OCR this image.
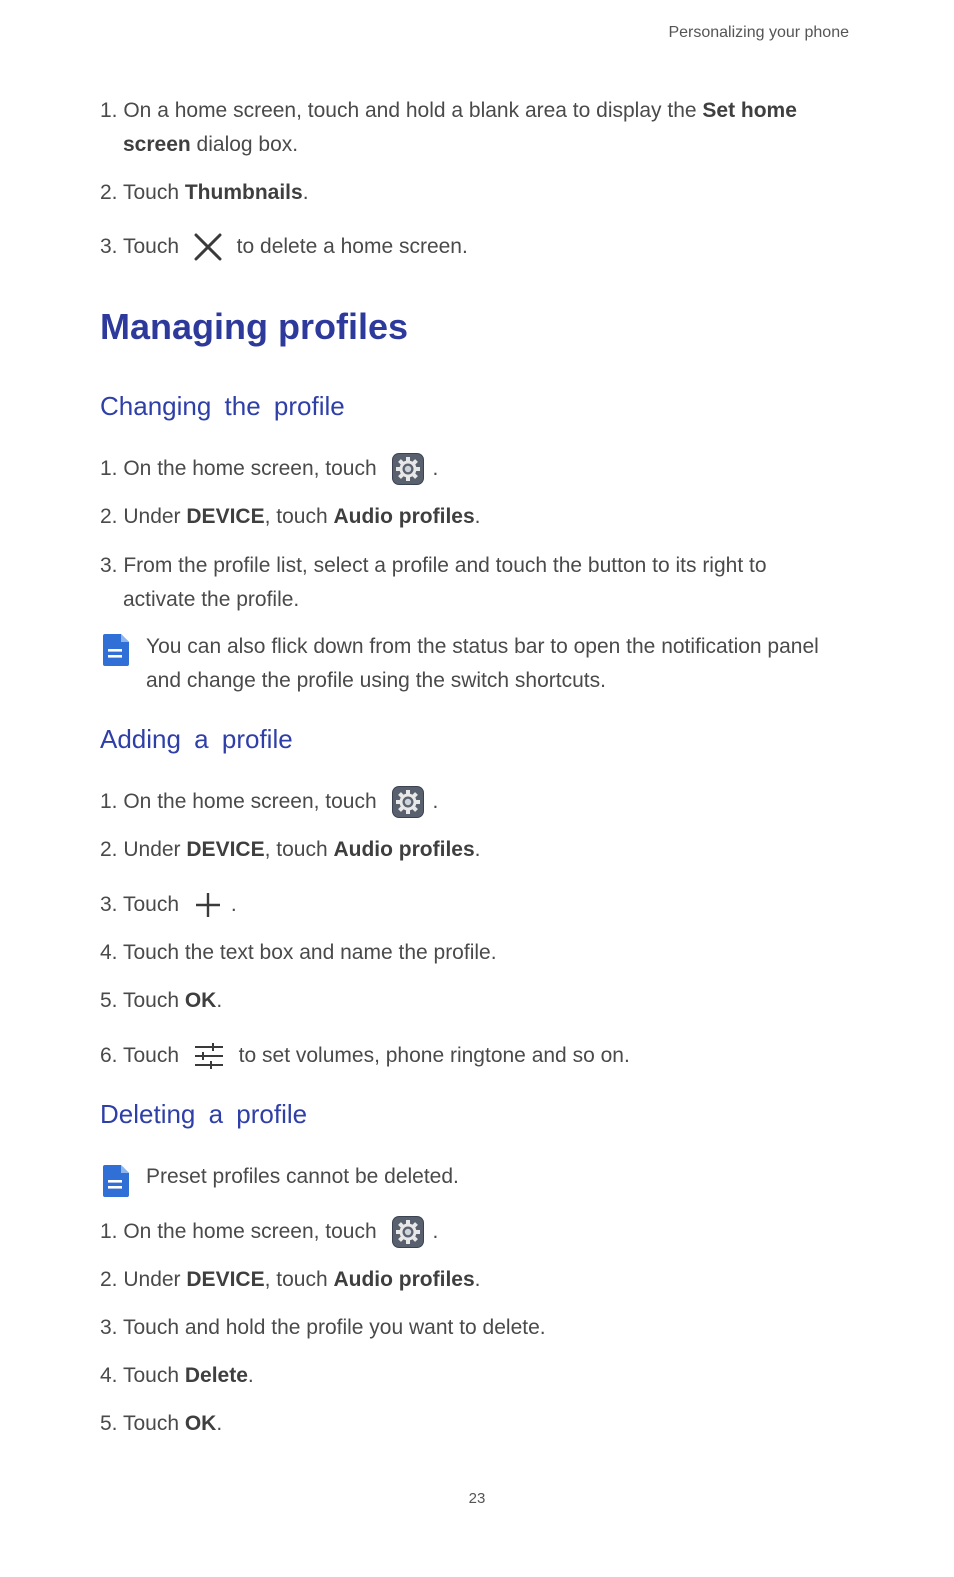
Personalizing your phone
1. On a home screen, touch and hold a blank area to display the Set home
screen dialog box.
2. Touch Thumbnails.
3. Touch  to delete a home screen.
Managing profiles
Changing the profile
1. On the home screen, touch .
2. Under DEVICE, touch Audio profiles.
3. From the profile list, select a profile and touch the button to its right to
activate the profile.
You can also flick down from the status bar to open the notification panel
and change the profile using the switch shortcuts.
Adding a profile
1. On the home screen, touch .
2. Under DEVICE, touch Audio profiles.
3. Touch .
4. Touch the text box and name the profile.
5. Touch OK.
6. Touch  to set volumes, phone ringtone and so on.
Deleting a profile
Preset profiles cannot be deleted.
1. On the home screen, touch .
2. Under DEVICE, touch Audio profiles.
3. Touch and hold the profile you want to delete.
4. Touch Delete.
5. Touch OK.
23
